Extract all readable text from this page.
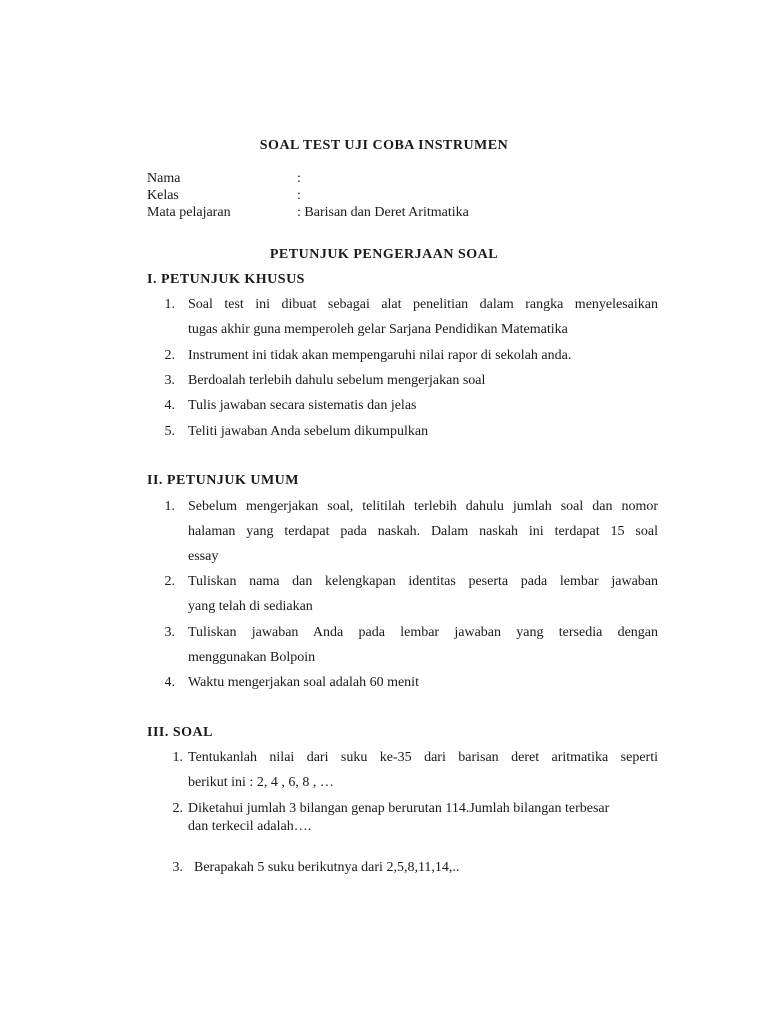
SOAL TEST UJI COBA INSTRUMEN
Nama	:
Kelas	:
Mata pelajaran	: Barisan dan Deret Aritmatika
PETUNJUK PENGERJAAN SOAL
I. PETUNJUK KHUSUS
1. Soal test ini dibuat sebagai alat penelitian dalam rangka menyelesaikan
tugas akhir guna memperoleh gelar Sarjana Pendidikan Matematika
2. Instrument ini tidak akan mempengaruhi nilai rapor di sekolah anda.
3. Berdoalah terlebih dahulu sebelum mengerjakan soal
4. Tulis jawaban secara sistematis dan jelas
5. Teliti jawaban Anda sebelum dikumpulkan
II. PETUNJUK UMUM
1. Sebelum mengerjakan soal, telitilah terlebih dahulu jumlah soal dan nomor
halaman yang terdapat pada naskah. Dalam naskah ini terdapat 15 soal
essay
2. Tuliskan nama dan kelengkapan identitas peserta pada lembar jawaban
yang telah di sediakan
3. Tuliskan jawaban Anda pada lembar jawaban yang tersedia dengan
menggunakan Bolpoin
4. Waktu mengerjakan soal adalah 60 menit
III. SOAL
1. Tentukanlah nilai dari suku ke-35 dari barisan deret aritmatika seperti
berikut ini : 2, 4 , 6, 8 , …
2. Diketahui jumlah 3 bilangan genap berurutan 114.Jumlah bilangan terbesar
dan terkecil adalah….
3. Berapakah 5 suku berikutnya dari 2,5,8,11,14,..
